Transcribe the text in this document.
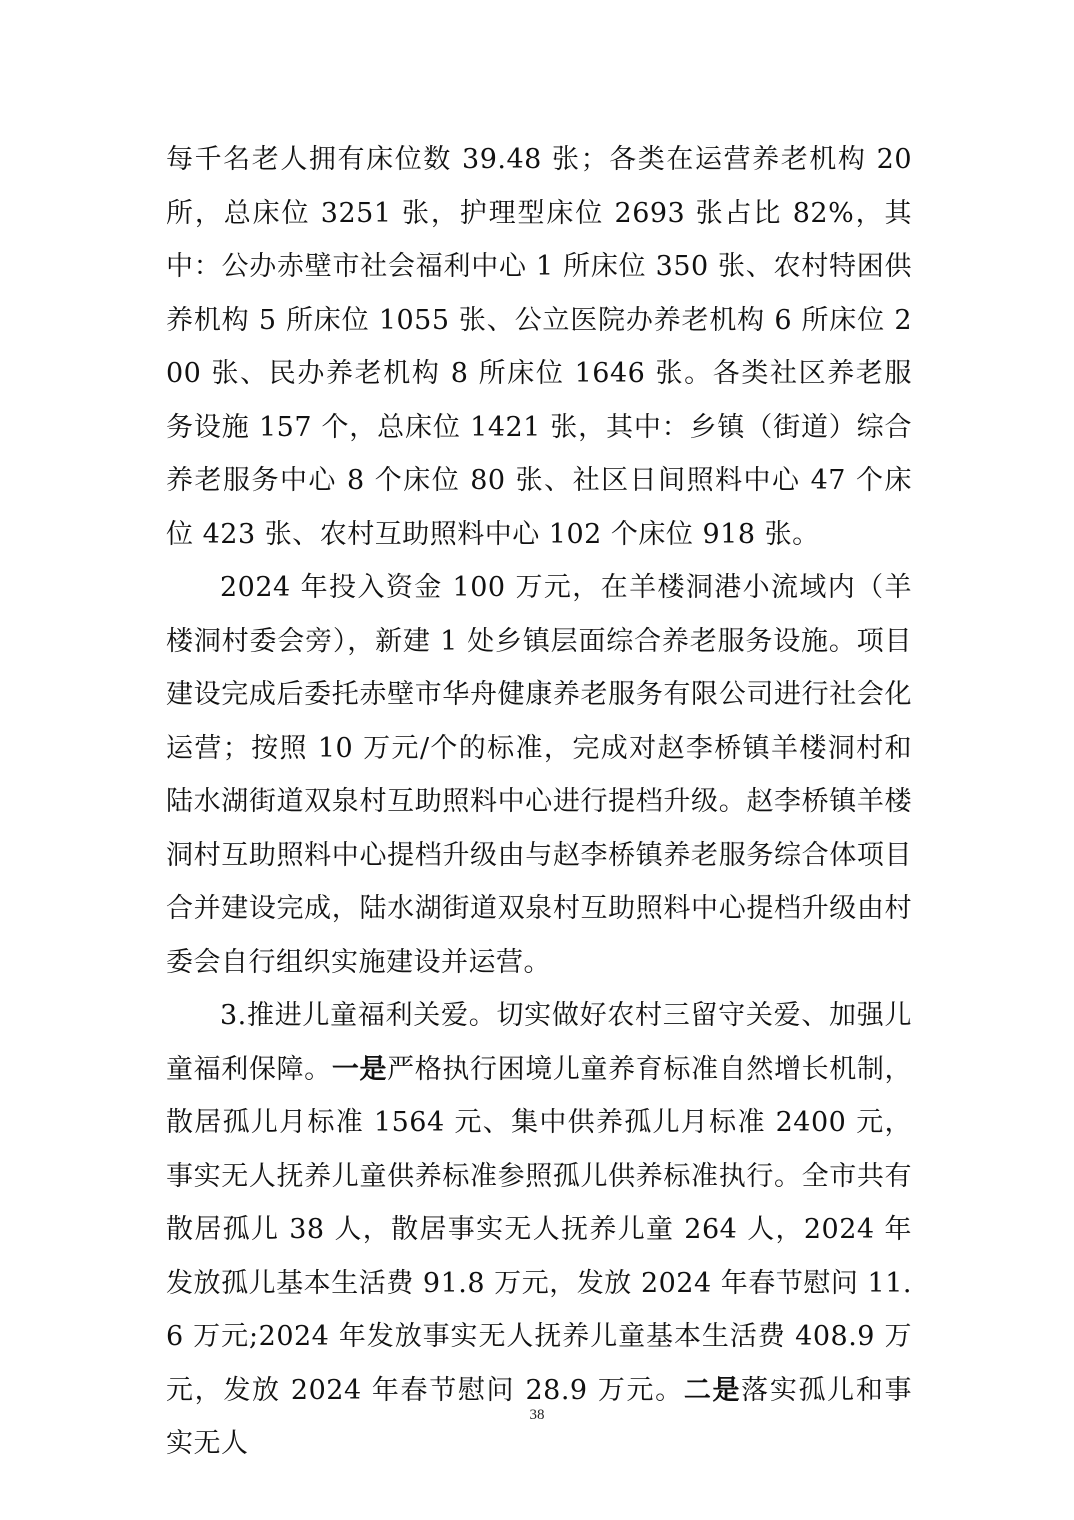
每千名老人拥有床位数 39.48 张；各类在运营养老机构 20 所，总床位 3251 张，护理型床位 2693 张占比 82%，其中：公办赤壁市社会福利中心 1 所床位 350 张、农村特困供养机构 5 所床位 1055 张、公立医院办养老机构 6 所床位 200 张、民办养老机构 8 所床位 1646 张。各类社区养老服务设施 157 个，总床位 1421 张，其中：乡镇（街道）综合养老服务中心 8 个床位 80 张、社区日间照料中心 47 个床位 423 张、农村互助照料中心 102 个床位 918 张。

2024 年投入资金 100 万元，在羊楼洞港小流域内（羊楼洞村委会旁），新建 1 处乡镇层面综合养老服务设施。项目建设完成后委托赤壁市华舟健康养老服务有限公司进行社会化运营；按照 10 万元/个的标准，完成对赵李桥镇羊楼洞村和陆水湖街道双泉村互助照料中心进行提档升级。赵李桥镇羊楼洞村互助照料中心提档升级由与赵李桥镇养老服务综合体项目合并建设完成，陆水湖街道双泉村互助照料中心提档升级由村委会自行组织实施建设并运营。

3.推进儿童福利关爱。切实做好农村三留守关爱、加强儿童福利保障。一是严格执行困境儿童养育标准自然增长机制，散居孤儿月标准 1564 元、集中供养孤儿月标准 2400 元，事实无人抚养儿童供养标准参照孤儿供养标准执行。全市共有散居孤儿 38 人，散居事实无人抚养儿童 264 人，2024 年发放孤儿基本生活费 91.8 万元，发放 2024 年春节慰问 11.6 万元;2024 年发放事实无人抚养儿童基本生活费 408.9 万元，发放 2024 年春节慰问 28.9 万元。二是落实孤儿和事实无人

38
